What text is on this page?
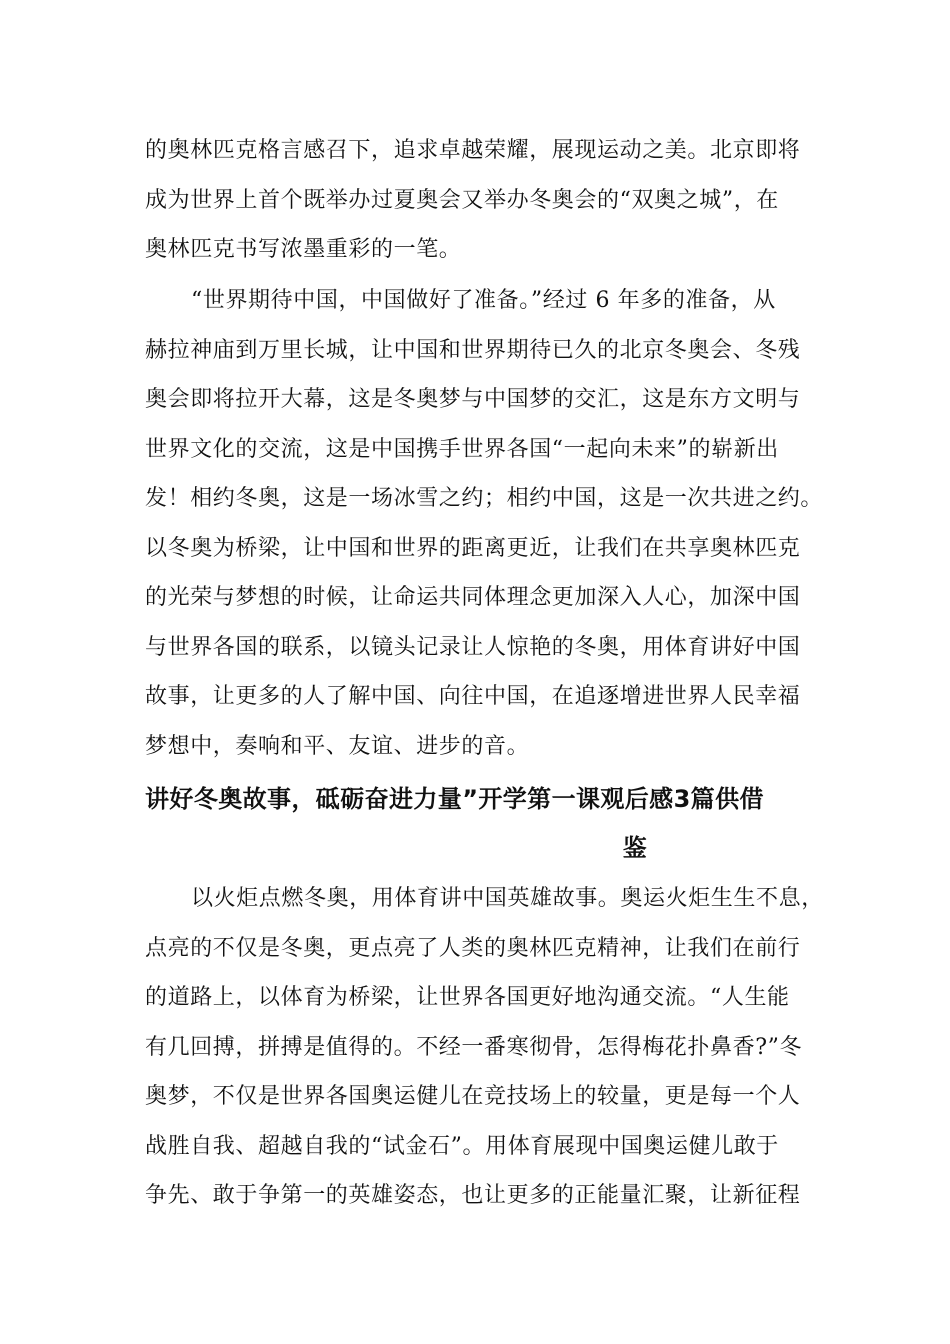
的奥林匹克格言感召下，追求卓越荣耀，展现运动之美。北京即将
成为世界上首个既举办过夏奥会又举办冬奥会的“双奥之城”，在
奥林匹克书写浓墨重彩的一笔。

“世界期待中国，中国做好了准备。”经过 6 年多的准备，从
赫拉神庙到万里长城，让中国和世界期待已久的北京冬奥会、冬残
奥会即将拉开大幕，这是冬奥梦与中国梦的交汇，这是东方文明与
世界文化的交流，这是中国携手世界各国“一起向未来”的崭新出
发！相约冬奥，这是一场冰雪之约；相约中国，这是一次共进之约。
以冬奥为桥梁，让中国和世界的距离更近，让我们在共享奥林匹克
的光荣与梦想的时候，让命运共同体理念更加深入人心，加深中国
与世界各国的联系，以镜头记录让人惊艳的冬奥，用体育讲好中国
故事，让更多的人了解中国、向往中国，在追逐增进世界人民幸福
梦想中，奏响和平、友谊、进步的音。

讲好冬奥故事，砥砺奋进力量”开学第一课观后感3篇供借
鉴

以火炬点燃冬奥，用体育讲中国英雄故事。奥运火炬生生不息，
点亮的不仅是冬奥，更点亮了人类的奥林匹克精神，让我们在前行
的道路上，以体育为桥梁，让世界各国更好地沟通交流。“人生能
有几回搏，拼搏是值得的。不经一番寒彻骨，怎得梅花扑鼻香?”冬
奥梦，不仅是世界各国奥运健儿在竞技场上的较量，更是每一个人
战胜自我、超越自我的“试金石”。用体育展现中国奥运健儿敢于
争先、敢于争第一的英雄姿态，也让更多的正能量汇聚，让新征程
